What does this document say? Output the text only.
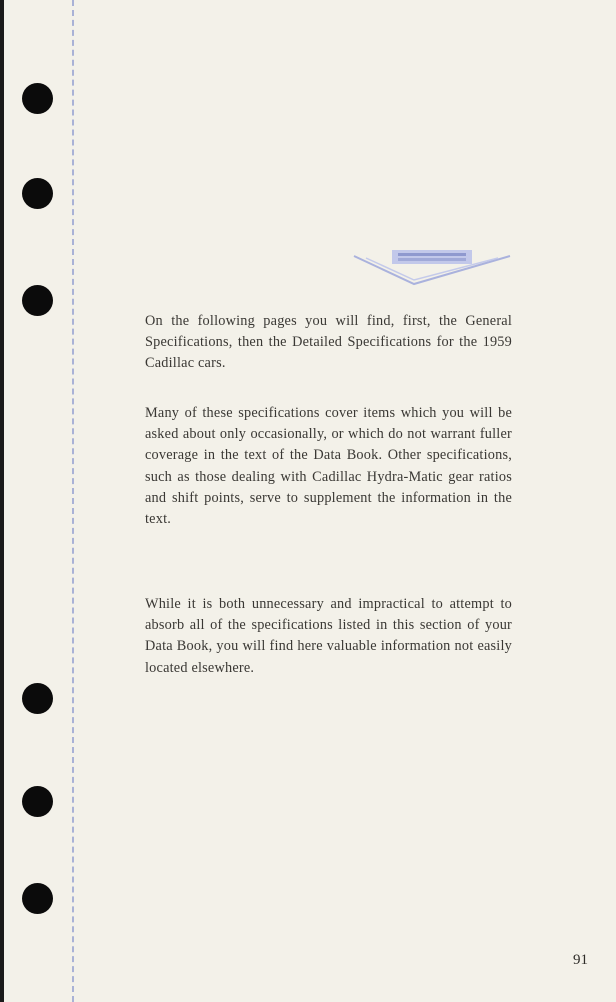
On the following pages you will find, first, the General Specifications, then the Detailed Specifications for the 1959 Cadillac cars.
Many of these specifications cover items which you will be asked about only occasionally, or which do not warrant fuller coverage in the text of the Data Book. Other specifications, such as those dealing with Cadillac Hydra-Matic gear ratios and shift points, serve to supplement the information in the text.
While it is both unnecessary and impractical to attempt to absorb all of the specifications listed in this section of your Data Book, you will find here valuable information not easily located elsewhere.
91
